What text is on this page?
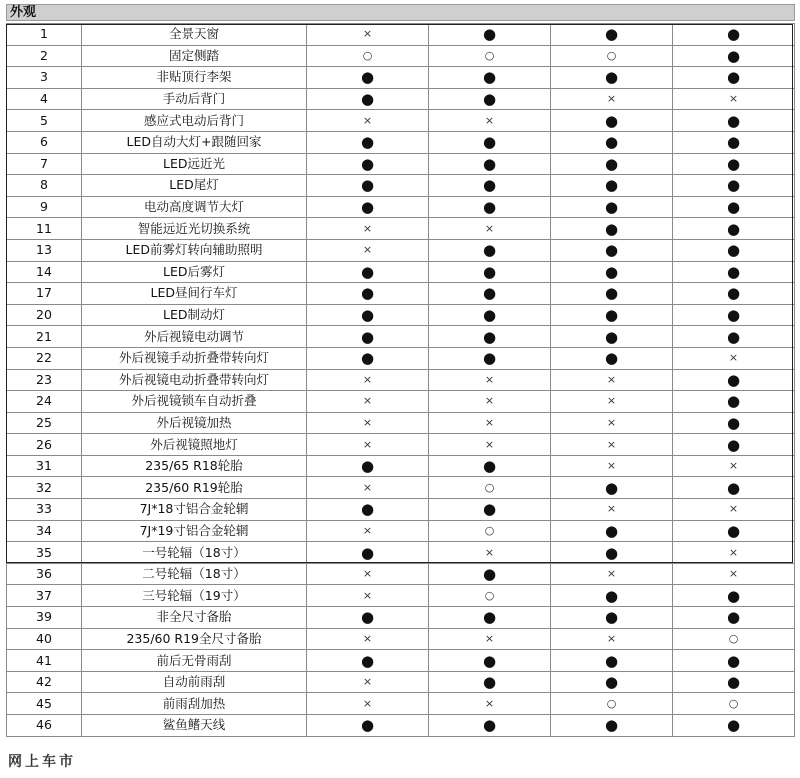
外观
1	全景天窗	×	●	●	●
2	固定侧踏	○	○	○	●
3	非贴顶行李架	●	●	●	●
4	手动后背门	●	●	×	×
5	感应式电动后背门	×	×	●	●
6	LED自动大灯+跟随回家	●	●	●	●
7	LED远近光	●	●	●	●
8	LED尾灯	●	●	●	●
9	电动高度调节大灯	●	●	●	●
11	智能远近光切换系统	×	×	●	●
13	LED前雾灯转向辅助照明	×	●	●	●
14	LED后雾灯	●	●	●	●
17	LED昼间行车灯	●	●	●	●
20	LED制动灯	●	●	●	●
21	外后视镜电动调节	●	●	●	●
22	外后视镜手动折叠带转向灯	●	●	●	×
23	外后视镜电动折叠带转向灯	×	×	×	●
24	外后视镜锁车自动折叠	×	×	×	●
25	外后视镜加热	×	×	×	●
26	外后视镜照地灯	×	×	×	●
31	235/65 R18轮胎	●	●	×	×
32	235/60 R19轮胎	×	○	●	●
33	7J*18寸铝合金轮辋	●	●	×	×
34	7J*19寸铝合金轮辋	×	○	●	●
35	一号轮辐（18寸）	●	×	●	×
36	二号轮辐（18寸）	×	●	×	×
37	三号轮辐（19寸）	×	○	●	●
39	非全尺寸备胎	●	●	●	●
40	235/60 R19全尺寸备胎	×	×	×	○
41	前后无骨雨刮	●	●	●	●
42	自动前雨刮	×	●	●	●
45	前雨刮加热	×	×	○	○
46	鲨鱼鳍天线	●	●	●	●
网上车市
